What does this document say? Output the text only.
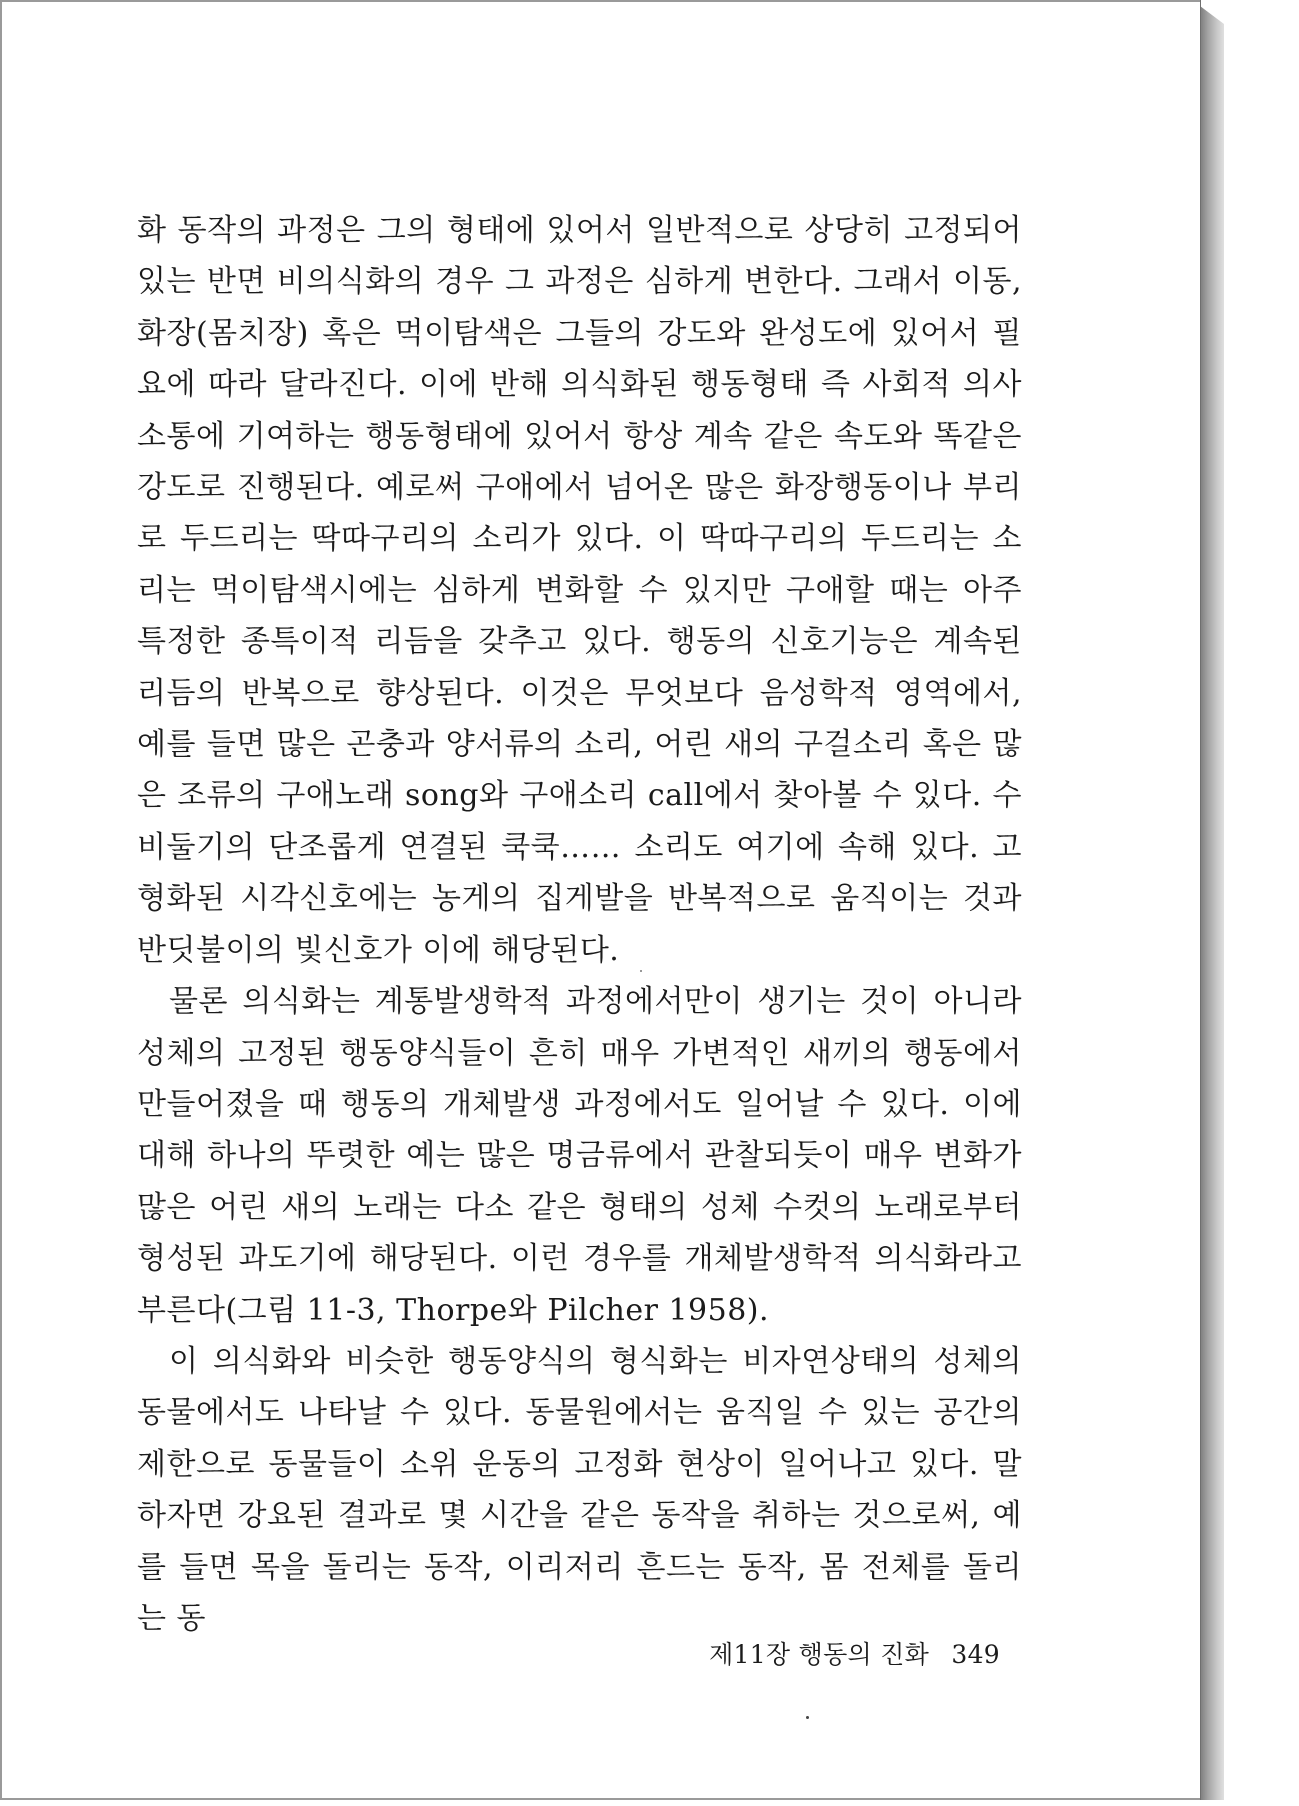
화 동작의 과정은 그의 형태에 있어서 일반적으로 상당히 고정되어 있는 반면 비의식화의 경우 그 과정은 심하게 변한다. 그래서 이동, 화장(몸치장) 혹은 먹이탐색은 그들의 강도와 완성도에 있어서 필요에 따라 달라진다. 이에 반해 의식화된 행동형태 즉 사회적 의사소통에 기여하는 행동형태에 있어서 항상 계속 같은 속도와 똑같은 강도로 진행된다. 예로써 구애에서 넘어온 많은 화장행동이나 부리로 두드리는 딱따구리의 소리가 있다. 이 딱따구리의 두드리는 소리는 먹이탐색시에는 심하게 변화할 수 있지만 구애할 때는 아주 특정한 종특이적 리듬을 갖추고 있다. 행동의 신호기능은 계속된 리듬의 반복으로 향상된다. 이것은 무엇보다 음성학적 영역에서, 예를 들면 많은 곤충과 양서류의 소리, 어린 새의 구걸소리 혹은 많은 조류의 구애노래 song와 구애소리 call에서 찾아볼 수 있다. 수비둘기의 단조롭게 연결된 쿡쿡…… 소리도 여기에 속해 있다. 고형화된 시각신호에는 농게의 집게발을 반복적으로 움직이는 것과 반딧불이의 빛신호가 이에 해당된다.

물론 의식화는 계통발생학적 과정에서만이 생기는 것이 아니라 성체의 고정된 행동양식들이 흔히 매우 가변적인 새끼의 행동에서 만들어졌을 때 행동의 개체발생 과정에서도 일어날 수 있다. 이에 대해 하나의 뚜렷한 예는 많은 명금류에서 관찰되듯이 매우 변화가 많은 어린 새의 노래는 다소 같은 형태의 성체 수컷의 노래로부터 형성된 과도기에 해당된다. 이런 경우를 개체발생학적 의식화라고 부른다(그림 11-3, Thorpe와 Pilcher 1958).

이 의식화와 비슷한 행동양식의 형식화는 비자연상태의 성체의 동물에서도 나타날 수 있다. 동물원에서는 움직일 수 있는 공간의 제한으로 동물들이 소위 운동의 고정화 현상이 일어나고 있다. 말하자면 강요된 결과로 몇 시간을 같은 동작을 취하는 것으로써, 예를 들면 목을 돌리는 동작, 이리저리 흔드는 동작, 몸 전체를 돌리는 동

제11장 행동의 진화 349
